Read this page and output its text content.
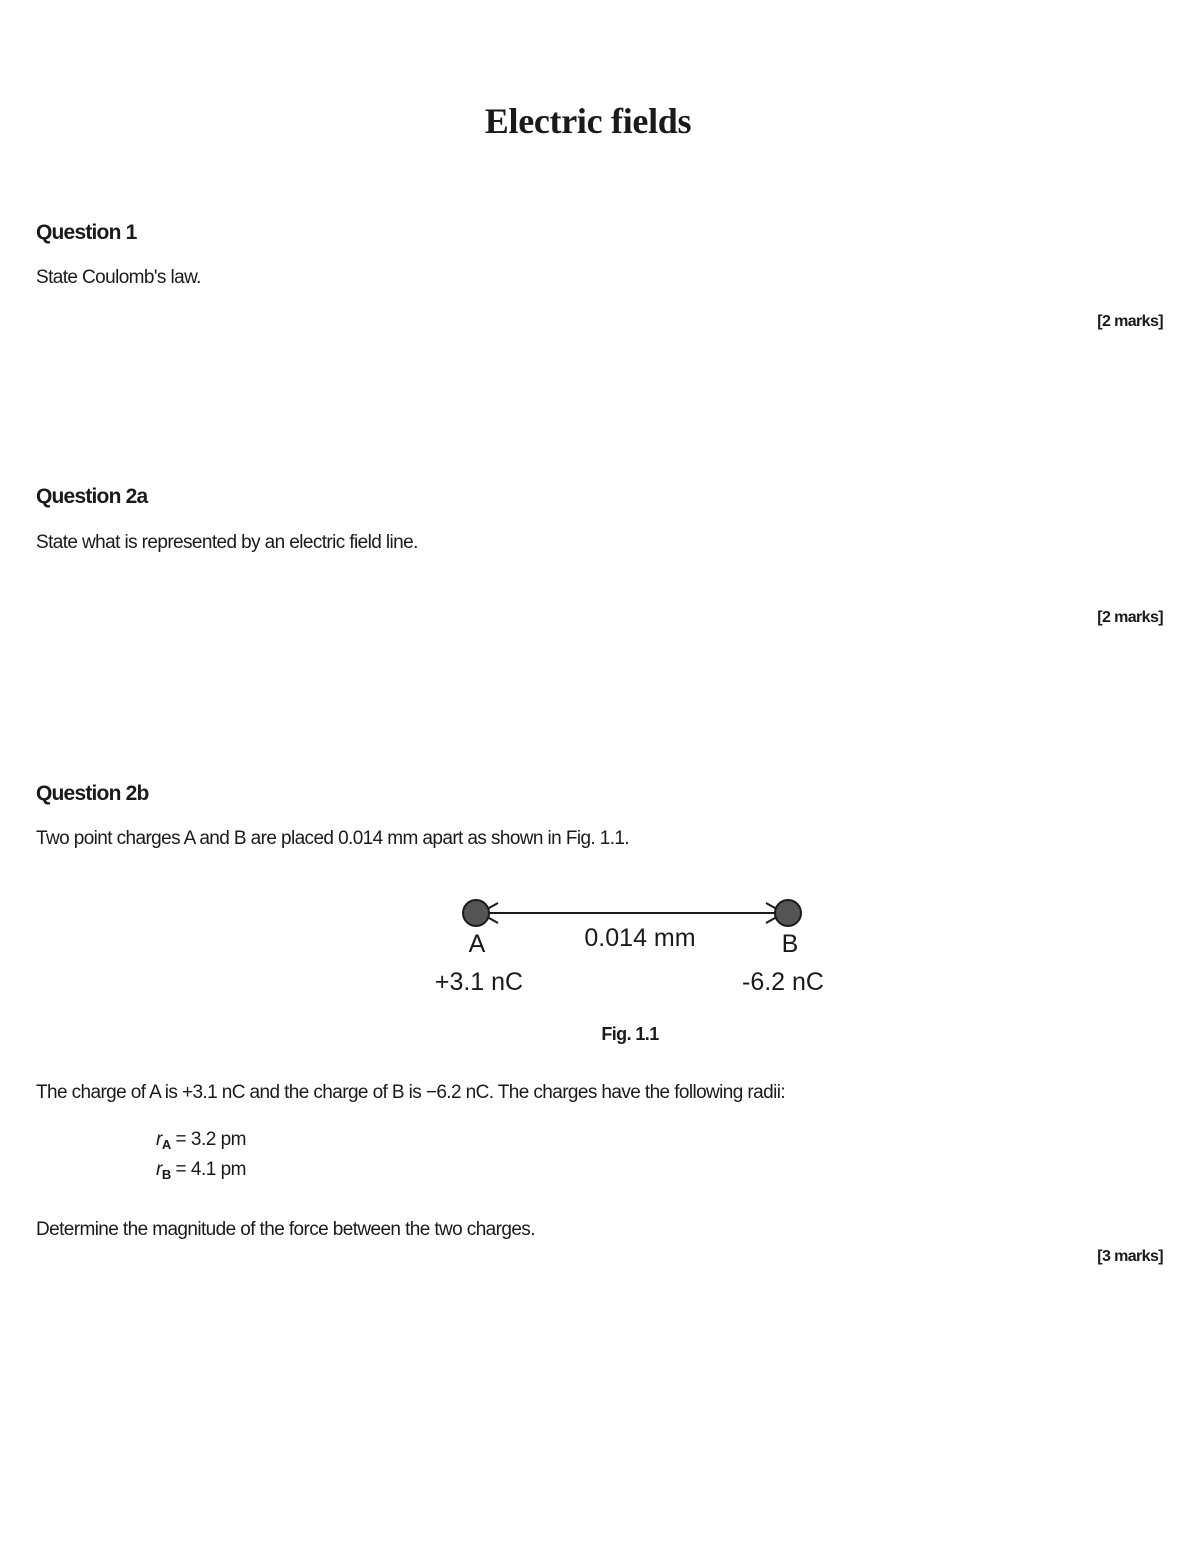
Electric fields
Question 1
State Coulomb's law.
[2 marks]
Question 2a
State what is represented by an electric field line.
[2 marks]
Question 2b
Two point charges A and B are placed 0.014 mm apart as shown in Fig. 1.1.
A	0.014 mm	B
+3.1 nC	-6.2 nC
Fig. 1.1
The charge of A is +3.1 nC and the charge of B is −6.2 nC. The charges have the following radii:
$r_A = 3.2$ pm
$r_B = 4.1$ pm
Determine the magnitude of the force between the two charges.
[3 marks]
